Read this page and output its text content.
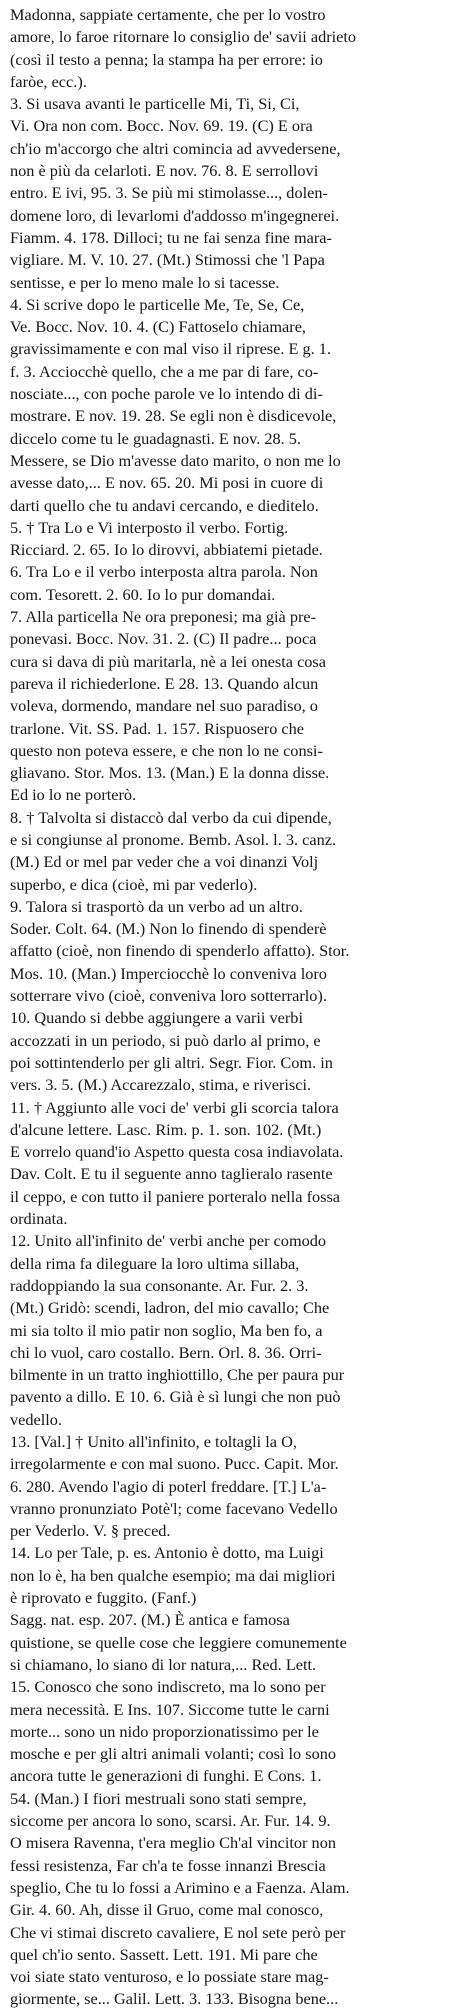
Madonna, sappiate certamente, che per lo vostro
amore, lo faroe ritornare lo consiglio de' savii adrieto
(così il testo a penna; la stampa ha per errore: io
faròe, ecc.).
3. Si usava avanti le particelle Mi, Ti, Si, Ci,
Vi. Ora non com. Bocc. Nov. 69. 19. (C) E ora
ch'io m'accorgo che altri comincia ad avvedersene,
non è più da celarloti. E nov. 76. 8. E serrollovi
entro. E ivi, 95. 3. Se più mi stimolasse..., dolen-
domene loro, di levarlomi d'addosso m'ingegnerei.
Fiamm. 4. 178. Dilloci; tu ne fai senza fine mara-
vigliare. M. V. 10. 27. (Mt.) Stimossi che 'l Papa
sentisse, e per lo meno male lo si tacesse.
4. Si scrive dopo le particelle Me, Te, Se, Ce,
Ve. Bocc. Nov. 10. 4. (C) Fattoselo chiamare,
gravissimamente e con mal viso il riprese. E g. 1.
f. 3. Acciocchè quello, che a me par di fare, co-
nosciate..., con poche parole ve lo intendo di di-
mostrare. E nov. 19. 28. Se egli non è disdicevole,
diccelo come tu le guadagnasti. E nov. 28. 5.
Messere, se Dio m'avesse dato marito, o non me lo
avesse dato,... E nov. 65. 20. Mi posi in cuore di
darti quello che tu andavi cercando, e dieditelo.
5. † Tra Lo e Vi interposto il verbo. Fortig.
Ricciard. 2. 65. Io lo dirovvi, abbiatemi pietade.
6. Tra Lo e il verbo interposta altra parola. Non
com. Tesorett. 2. 60. Io lo pur domandai.
7. Alla particella Ne ora preponesi; ma già pre-
ponevasi. Bocc. Nov. 31. 2. (C) Il padre... poca
cura si dava di più maritarla, nè a lei onesta cosa
pareva il richiederlone. E 28. 13. Quando alcun
voleva, dormendo, mandare nel suo paradiso, o
trarlone. Vit. SS. Pad. 1. 157. Rispuosero che
questo non poteva essere, e che non lo ne consi-
gliavano. Stor. Mos. 13. (Man.) E la donna disse.
Ed io lo ne porterò.
8. † Talvolta si distaccò dal verbo da cui dipende,
e si congiunse al pronome. Bemb. Asol. l. 3. canz.
(M.) Ed or mel par veder che a voi dinanzi Volj
superbo, e dica (cioè, mi par vederlo).
9. Talora si trasportò da un verbo ad un altro.
Soder. Colt. 64. (M.) Non lo finendo di spenderè
affatto (cioè, non finendo di spenderlo affatto). Stor.
Mos. 10. (Man.) Imperciocchè lo conveniva loro
sotterrare vivo (cioè, conveniva loro sotterrarlo).
10. Quando si debbe aggiungere a varii verbi
accozzati in un periodo, si può darlo al primo, e
poi sottintenderlo per gli altri. Segr. Fior. Com. in
vers. 3. 5. (M.) Accarezzalo, stima, e riverisci.
11. † Aggiunto alle voci de' verbi gli scorcia talora
d'alcune lettere. Lasc. Rim. p. 1. son. 102. (Mt.)
E vorrelo quand'io Aspetto questa cosa indiavolata.
Dav. Colt. E tu il seguente anno taglieralo rasente
il ceppo, e con tutto il paniere porteralo nella fossa
ordinata.
12. Unito all'infinito de' verbi anche per comodo
della rima fa dileguare la loro ultima sillaba,
raddoppiando la sua consonante. Ar. Fur. 2. 3.
(Mt.) Gridò: scendi, ladron, del mio cavallo; Che
mi sia tolto il mio patir non soglio, Ma ben fo, a
chi lo vuol, caro costallo. Bern. Orl. 8. 36. Orri-
bilmente in un tratto inghiottillo, Che per paura pur
pavento a dillo. E 10. 6. Già è sì lungi che non può
vedello.
13. [Val.] † Unito all'infinito, e toltagli la O,
irregolarmente e con mal suono. Pucc. Capit. Mor.
6. 280. Avendo l'agio di poterl freddare. [T.] L'a-
vranno pronunziato Potè'l; come facevano Vedello
per Vederlo. V. § preced.
14. Lo per Tale, p. es. Antonio è dotto, ma Luigi
non lo è, ha ben qualche esempio; ma dai migliori
è riprovato e fuggito. (Fanf.)
Sagg. nat. esp. 207. (M.) È antica e famosa
quistione, se quelle cose che leggiere comunemente
si chiamano, lo siano di lor natura,... Red. Lett.
15. Conosco che sono indiscreto, ma lo sono per
mera necessità. E Ins. 107. Siccome tutte le carni
morte... sono un nido proporzionatissimo per le
mosche e per gli altri animali volanti; così lo sono
ancora tutte le generazioni di funghi. E Cons. 1.
54. (Man.) I fiori mestruali sono stati sempre,
siccome per ancora lo sono, scarsi. Ar. Fur. 14. 9.
O misera Ravenna, t'era meglio Ch'al vincitor non
fessi resistenza, Far ch'a te fosse innanzi Brescia
speglio, Che tu lo fossi a Arimino e a Faenza. Alam.
Gir. 4. 60. Ah, disse il Gruo, come mal conosco,
Che vi stimai discreto cavaliere, E nol sete però per
quel ch'io sento. Sassett. Lett. 191. Mi pare che
voi siate stato venturoso, e lo possiate stare mag-
giormente, se... Galil. Lett. 3. 133. Bisogna bene...
